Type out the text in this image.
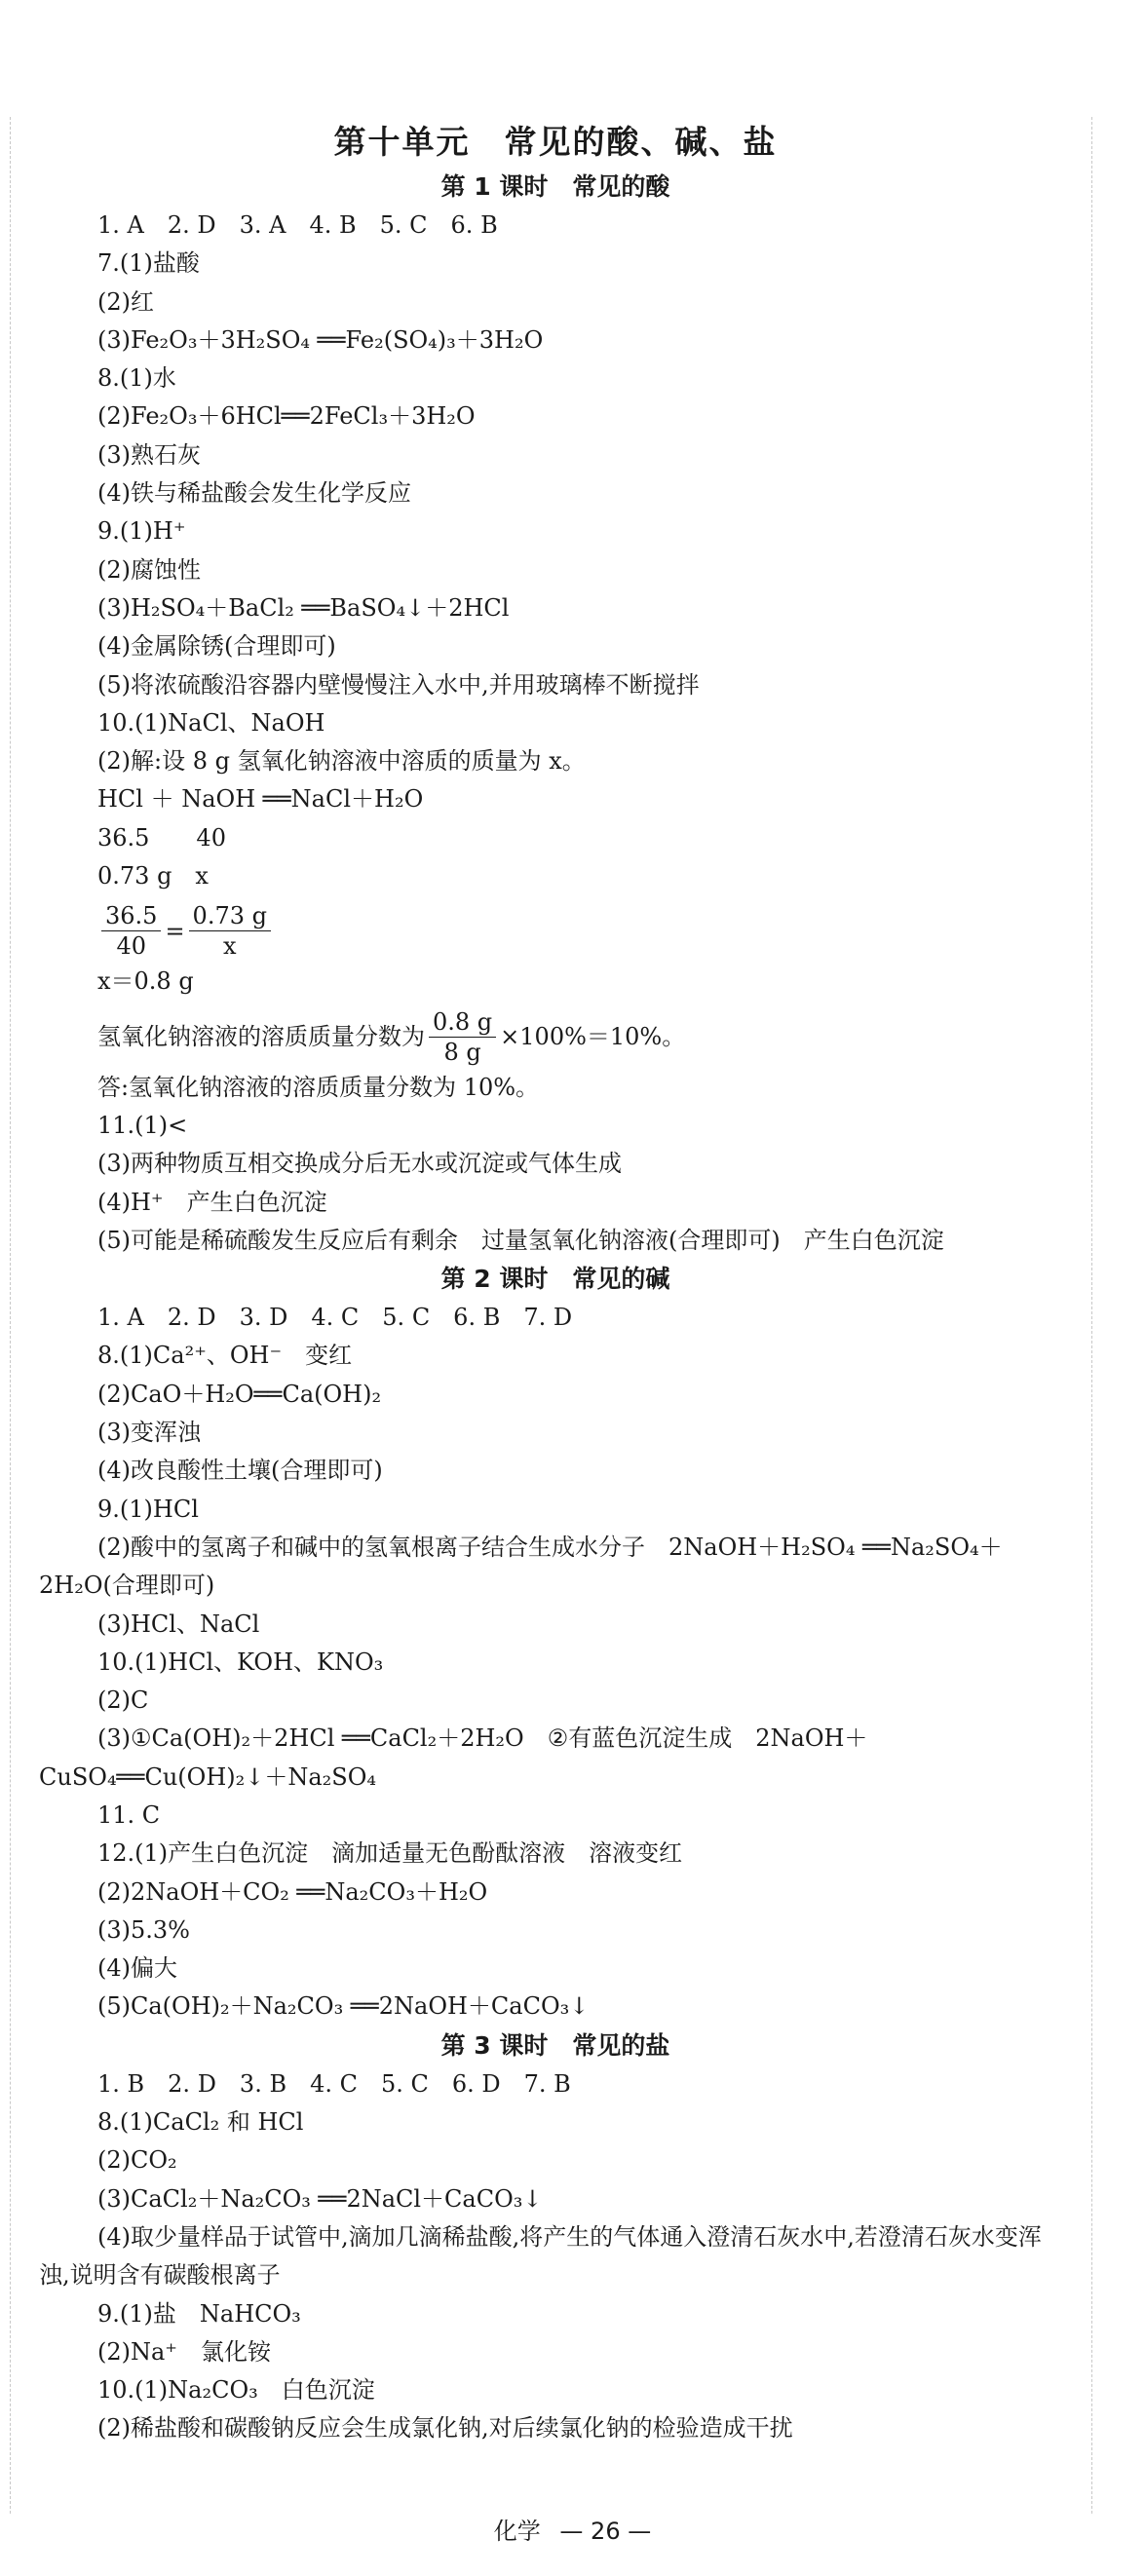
第十单元　常见的酸、碱、盐
第 1 课时　常见的酸

1. A　2. D　3. A　4. B　5. C　6. B

7.(1)盐酸

(2)红

(3)Fe₂O₃＋3H₂SO₄ ══Fe₂(SO₄)₃＋3H₂O

8.(1)水

(2)Fe₂O₃＋6HCl══2FeCl₃＋3H₂O

(3)熟石灰

(4)铁与稀盐酸会发生化学反应

9.(1)H⁺

(2)腐蚀性

(3)H₂SO₄＋BaCl₂ ══BaSO₄↓＋2HCl

(4)金属除锈(合理即可)

(5)将浓硫酸沿容器内壁慢慢注入水中,并用玻璃棒不断搅拌

10.(1)NaCl、NaOH

(2)解:设 8 g 氢氧化钠溶液中溶质的质量为 x。

HCl ＋ NaOH ══NaCl＋H₂O

36.5　　40

0.73 g　x

$\frac{36.5}{40} = \frac{0.73 g}{x}$

x＝0.8 g

氢氧化钠溶液的溶质质量分数为 $\frac{0.8 g}{8 g} \times 100\%=10\%$。

答:氢氧化钠溶液的溶质质量分数为 10%。

11.(1)<

(3)两种物质互相交换成分后无水或沉淀或气体生成

(4)H⁺　产生白色沉淀

(5)可能是稀硫酸发生反应后有剩余　过量氢氧化钠溶液(合理即可)　产生白色沉淀

第 2 课时　常见的碱

1. A　2. D　3. D　4. C　5. C　6. B　7. D

8.(1)Ca²⁺、OH⁻　变红

(2)CaO＋H₂O══Ca(OH)₂

(3)变浑浊

(4)改良酸性土壤(合理即可)

9.(1)HCl

(2)酸中的氢离子和碱中的氢氧根离子结合生成水分子　2NaOH＋H₂SO₄ ══Na₂SO₄＋2H₂O(合理即可)

(3)HCl、NaCl

10.(1)HCl、KOH、KNO₃

(2)C

(3)①Ca(OH)₂＋2HCl ══CaCl₂＋2H₂O　②有蓝色沉淀生成　2NaOH＋CuSO₄══Cu(OH)₂↓＋Na₂SO₄

11. C

12.(1)产生白色沉淀　滴加适量无色酚酞溶液　溶液变红

(2)2NaOH＋CO₂ ══Na₂CO₃＋H₂O

(3)5.3%

(4)偏大

(5)Ca(OH)₂＋Na₂CO₃ ══2NaOH＋CaCO₃↓

第 3 课时　常见的盐

1. B　2. D　3. B　4. C　5. C　6. D　7. B

8.(1)CaCl₂ 和 HCl

(2)CO₂

(3)CaCl₂＋Na₂CO₃ ══2NaCl＋CaCO₃↓

(4)取少量样品于试管中,滴加几滴稀盐酸,将产生的气体通入澄清石灰水中,若澄清石灰水变浑浊,说明含有碳酸根离子

9.(1)盐　NaHCO₃

(2)Na⁺　氯化铵

10.(1)Na₂CO₃　白色沉淀

(2)稀盐酸和碳酸钠反应会生成氯化钠,对后续氯化钠的检验造成干扰

化学 — 26 —
